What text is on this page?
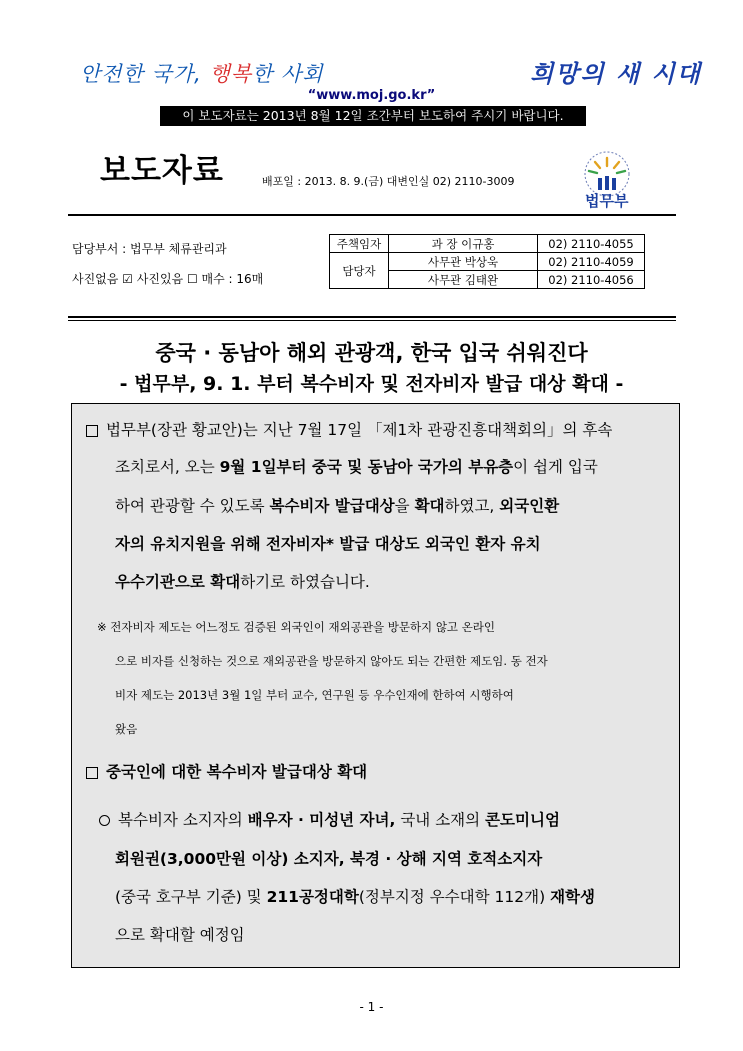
안전한 국가, 행복한 사회	희망의 새 시대
“www.moj.go.kr”
이 보도자료는 2013년 8월 12일 조간부터 보도하여 주시기 바랍니다.
보도자료	배포일 : 2013. 8. 9.(금) 대변인실 02) 2110-3009
법무부
담당부서 : 법무부 체류관리과
사진없음 ☑ 사진있음 ☐ 매수 : 16매
주책임자	과 장 이규홍	02) 2110-4055
담당자	사무관 박상욱	02) 2110-4059
	사무관 김태완	02) 2110-4056
중국 · 동남아 해외 관광객, 한국 입국 쉬워진다
- 법무부, 9. 1. 부터 복수비자 및 전자비자 발급 대상 확대 -
법무부(장관 황교안)는 지난 7월 17일 「제1차 관광진흥대책회의」의 후속
조치로서, 오는 9월 1일부터 중국 및 동남아 국가의 부유층이 쉽게 입국
하여 관광할 수 있도록 복수비자 발급대상을 확대하였고, 외국인환
자의 유치지원을 위해 전자비자* 발급 대상도 외국인 환자 유치
우수기관으로 확대하기로 하였습니다.
※ 전자비자 제도는 어느정도 검증된 외국인이 재외공관을 방문하지 않고 온라인
으로 비자를 신청하는 것으로 재외공관을 방문하지 않아도 되는 간편한 제도임. 동 전자
비자 제도는 2013년 3월 1일 부터 교수, 연구원 등 우수인재에 한하여 시행하여
왔음
중국인에 대한 복수비자 발급대상 확대
복수비자 소지자의 배우자 · 미성년 자녀, 국내 소재의 콘도미니엄
회원권(3,000만원 이상) 소지자, 북경 · 상해 지역 호적소지자
(중국 호구부 기준) 및 211공정대학(정부지정 우수대학 112개) 재학생
으로 확대할 예정임
- 1 -
